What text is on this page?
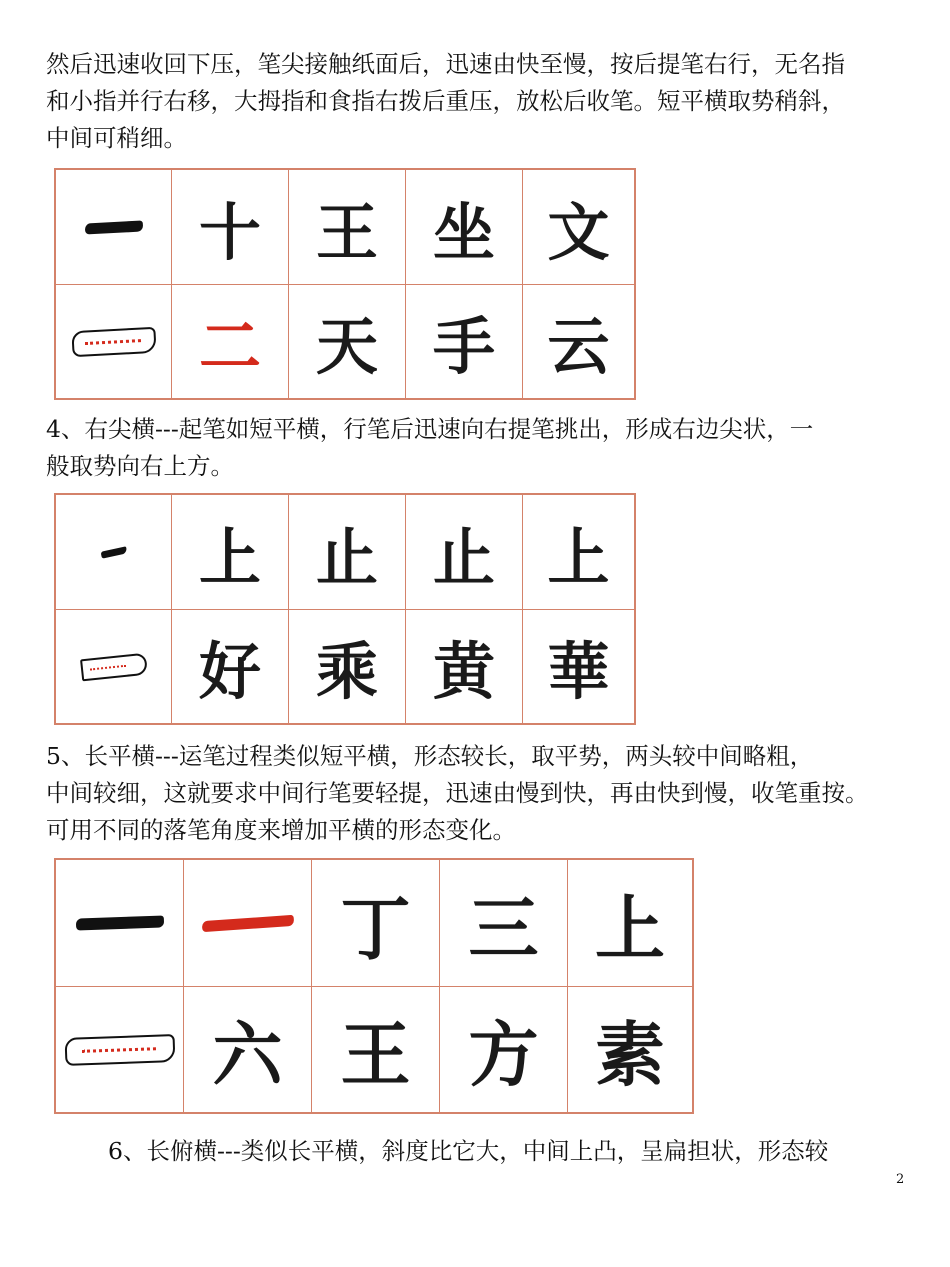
然后迅速收回下压，笔尖接触纸面后，迅速由快至慢，按后提笔右行，无名指
和小指并行右移，大拇指和食指右拨后重压，放松后收笔。短平横取势稍斜，
中间可稍细。

十 王 坐 文
二 天 手 云

4、右尖横---起笔如短平横，行笔后迅速向右提笔挑出，形成右边尖状，一
般取势向右上方。

上 止 止 上
好 乘 黄 華

5、长平横---运笔过程类似短平横，形态较长，取平势，两头较中间略粗，
中间较细，这就要求中间行笔要轻提，迅速由慢到快，再由快到慢，收笔重按。
可用不同的落笔角度来增加平横的形态变化。

丁 三 上
六 王 方 素

6、长俯横---类似长平横，斜度比它大，中间上凸，呈扁担状，形态较

2
